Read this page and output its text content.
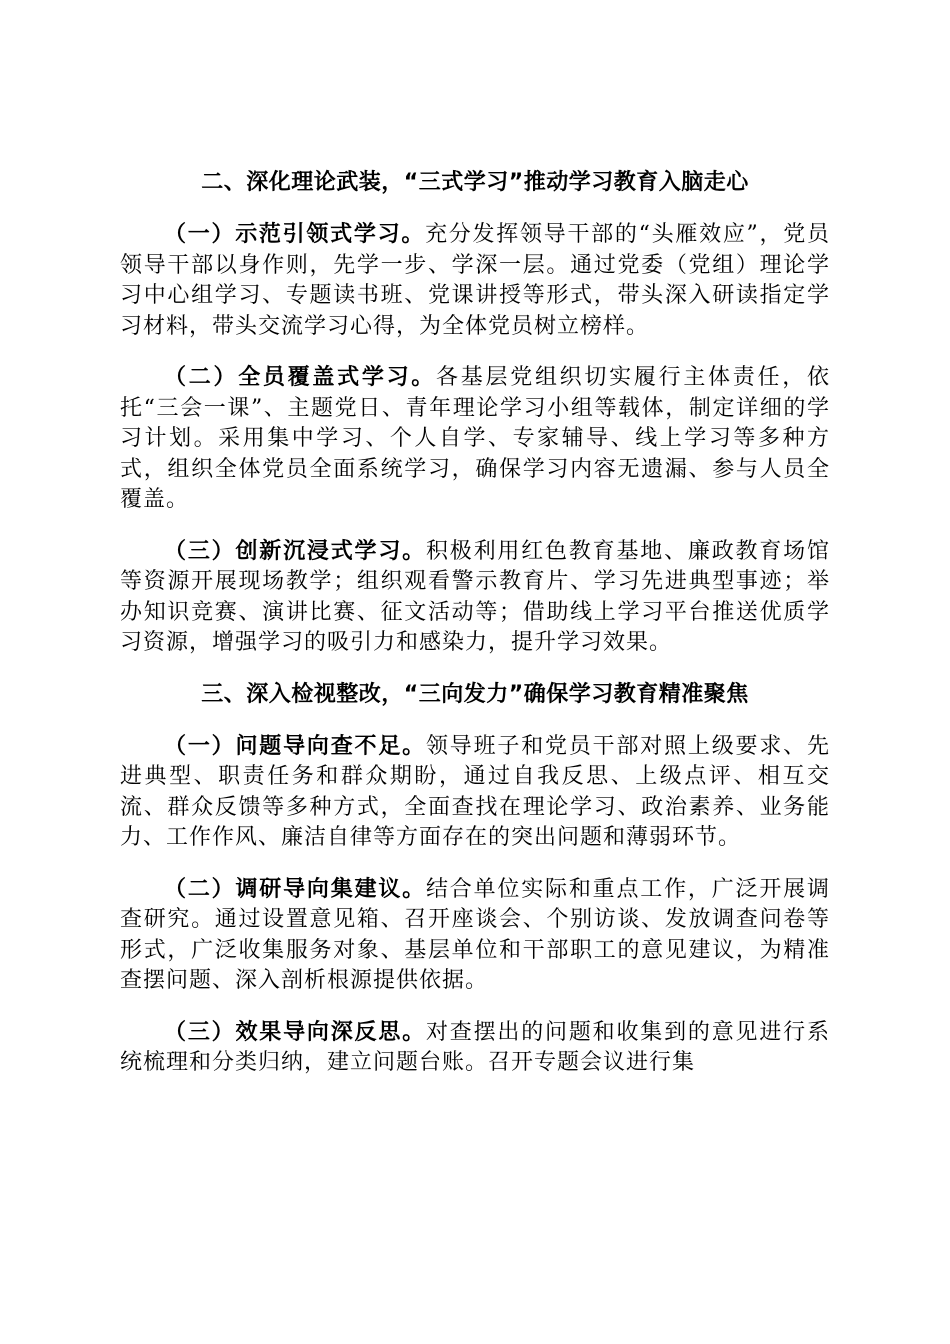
二、深化理论武装，“三式学习”推动学习教育入脑走心

（一）示范引领式学习。充分发挥领导干部的“头雁效应”，党员领导干部以身作则，先学一步、学深一层。通过党委（党组）理论学习中心组学习、专题读书班、党课讲授等形式，带头深入研读指定学习材料，带头交流学习心得，为全体党员树立榜样。

（二）全员覆盖式学习。各基层党组织切实履行主体责任，依托“三会一课”、主题党日、青年理论学习小组等载体，制定详细的学习计划。采用集中学习、个人自学、专家辅导、线上学习等多种方式，组织全体党员全面系统学习，确保学习内容无遗漏、参与人员全覆盖。

（三）创新沉浸式学习。积极利用红色教育基地、廉政教育场馆等资源开展现场教学；组织观看警示教育片、学习先进典型事迹；举办知识竞赛、演讲比赛、征文活动等；借助线上学习平台推送优质学习资源，增强学习的吸引力和感染力，提升学习效果。

三、深入检视整改，“三向发力”确保学习教育精准聚焦

（一）问题导向查不足。领导班子和党员干部对照上级要求、先进典型、职责任务和群众期盼，通过自我反思、上级点评、相互交流、群众反馈等多种方式，全面查找在理论学习、政治素养、业务能力、工作作风、廉洁自律等方面存在的突出问题和薄弱环节。

（二）调研导向集建议。结合单位实际和重点工作，广泛开展调查研究。通过设置意见箱、召开座谈会、个别访谈、发放调查问卷等形式，广泛收集服务对象、基层单位和干部职工的意见建议，为精准查摆问题、深入剖析根源提供依据。

（三）效果导向深反思。对查摆出的问题和收集到的意见进行系统梳理和分类归纳，建立问题台账。召开专题会议进行集
